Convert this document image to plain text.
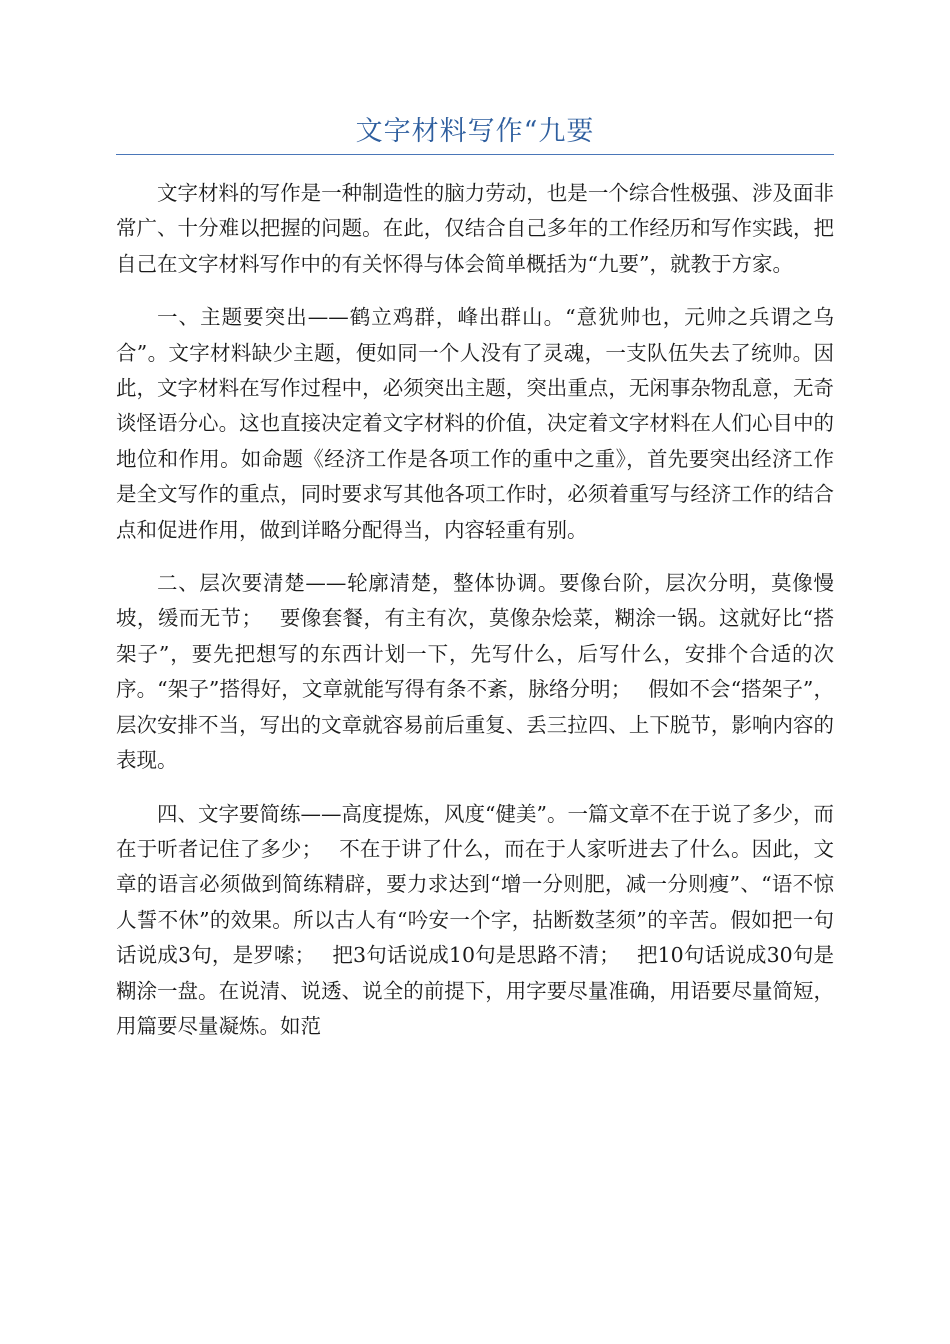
文字材料写作“九要

文字材料的写作是一种制造性的脑力劳动，也是一个综合性极强、涉及面非常广、十分难以把握的问题。在此，仅结合自己多年的工作经历和写作实践，把自己在文字材料写作中的有关怀得与体会简单概括为“九要”，就教于方家。

一、主题要突出——鹤立鸡群，峰出群山。“意犹帅也，元帅之兵谓之乌合”。文字材料缺少主题，便如同一个人没有了灵魂，一支队伍失去了统帅。因此，文字材料在写作过程中，必须突出主题，突出重点，无闲事杂物乱意，无奇谈怪语分心。这也直接决定着文字材料的价值，决定着文字材料在人们心目中的地位和作用。如命题《经济工作是各项工作的重中之重》，首先要突出经济工作是全文写作的重点，同时要求写其他各项工作时，必须着重写与经济工作的结合点和促进作用，做到详略分配得当，内容轻重有别。

二、层次要清楚——轮廓清楚，整体协调。要像台阶，层次分明，莫像慢坡，缓而无节；　 要像套餐，有主有次，莫像杂烩菜，糊涂一锅。这就好比“搭架子”，要先把想写的东西计划一下，先写什么，后写什么，安排个合适的次序。“架子”搭得好，文章就能写得有条不紊，脉络分明；　 假如不会“搭架子”，层次安排不当，写出的文章就容易前后重复、丢三拉四、上下脱节，影响内容的表现。

四、文字要简练——高度提炼，风度“健美”。一篇文章不在于说了多少，而在于听者记住了多少；　 不在于讲了什么，而在于人家听进去了什么。因此，文章的语言必须做到简练精辟，要力求达到“增一分则肥，减一分则瘦”、“语不惊人誓不休”的效果。所以古人有“吟安一个字，拈断数茎须”的辛苦。假如把一句话说成3句，是罗嗦；　 把3句话说成10句是思路不清；　 把10句话说成30句是糊涂一盘。在说清、说透、说全的前提下，用字要尽量准确，用语要尽量简短，用篇要尽量凝炼。如范
